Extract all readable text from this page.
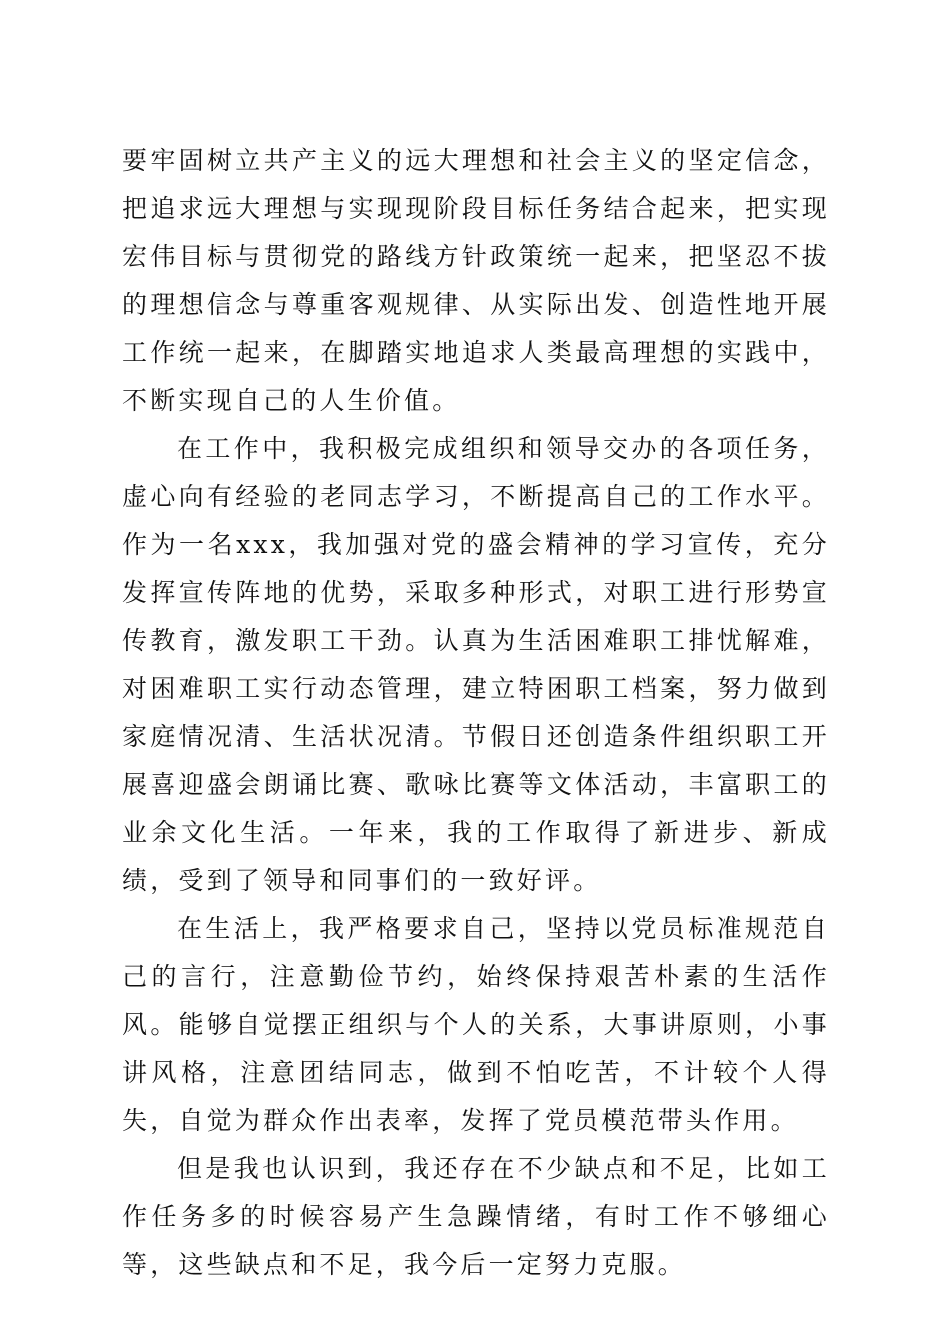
要牢固树立共产主义的远大理想和社会主义的坚定信念，把追求远大理想与实现现阶段目标任务结合起来，把实现宏伟目标与贯彻党的路线方针政策统一起来，把坚忍不拔的理想信念与尊重客观规律、从实际出发、创造性地开展工作统一起来，在脚踏实地追求人类最高理想的实践中，不断实现自己的人生价值。

在工作中，我积极完成组织和领导交办的各项任务，虚心向有经验的老同志学习，不断提高自己的工作水平。作为一名xxx，我加强对党的盛会精神的学习宣传，充分发挥宣传阵地的优势，采取多种形式，对职工进行形势宣传教育，激发职工干劲。认真为生活困难职工排忧解难，对困难职工实行动态管理，建立特困职工档案，努力做到家庭情况清、生活状况清。节假日还创造条件组织职工开展喜迎盛会朗诵比赛、歌咏比赛等文体活动，丰富职工的业余文化生活。一年来，我的工作取得了新进步、新成绩，受到了领导和同事们的一致好评。

在生活上，我严格要求自己，坚持以党员标准规范自己的言行，注意勤俭节约，始终保持艰苦朴素的生活作风。能够自觉摆正组织与个人的关系，大事讲原则，小事讲风格，注意团结同志，做到不怕吃苦，不计较个人得失，自觉为群众作出表率，发挥了党员模范带头作用。

但是我也认识到，我还存在不少缺点和不足，比如工作任务多的时候容易产生急躁情绪，有时工作不够细心等，这些缺点和不足，我今后一定努力克服。
